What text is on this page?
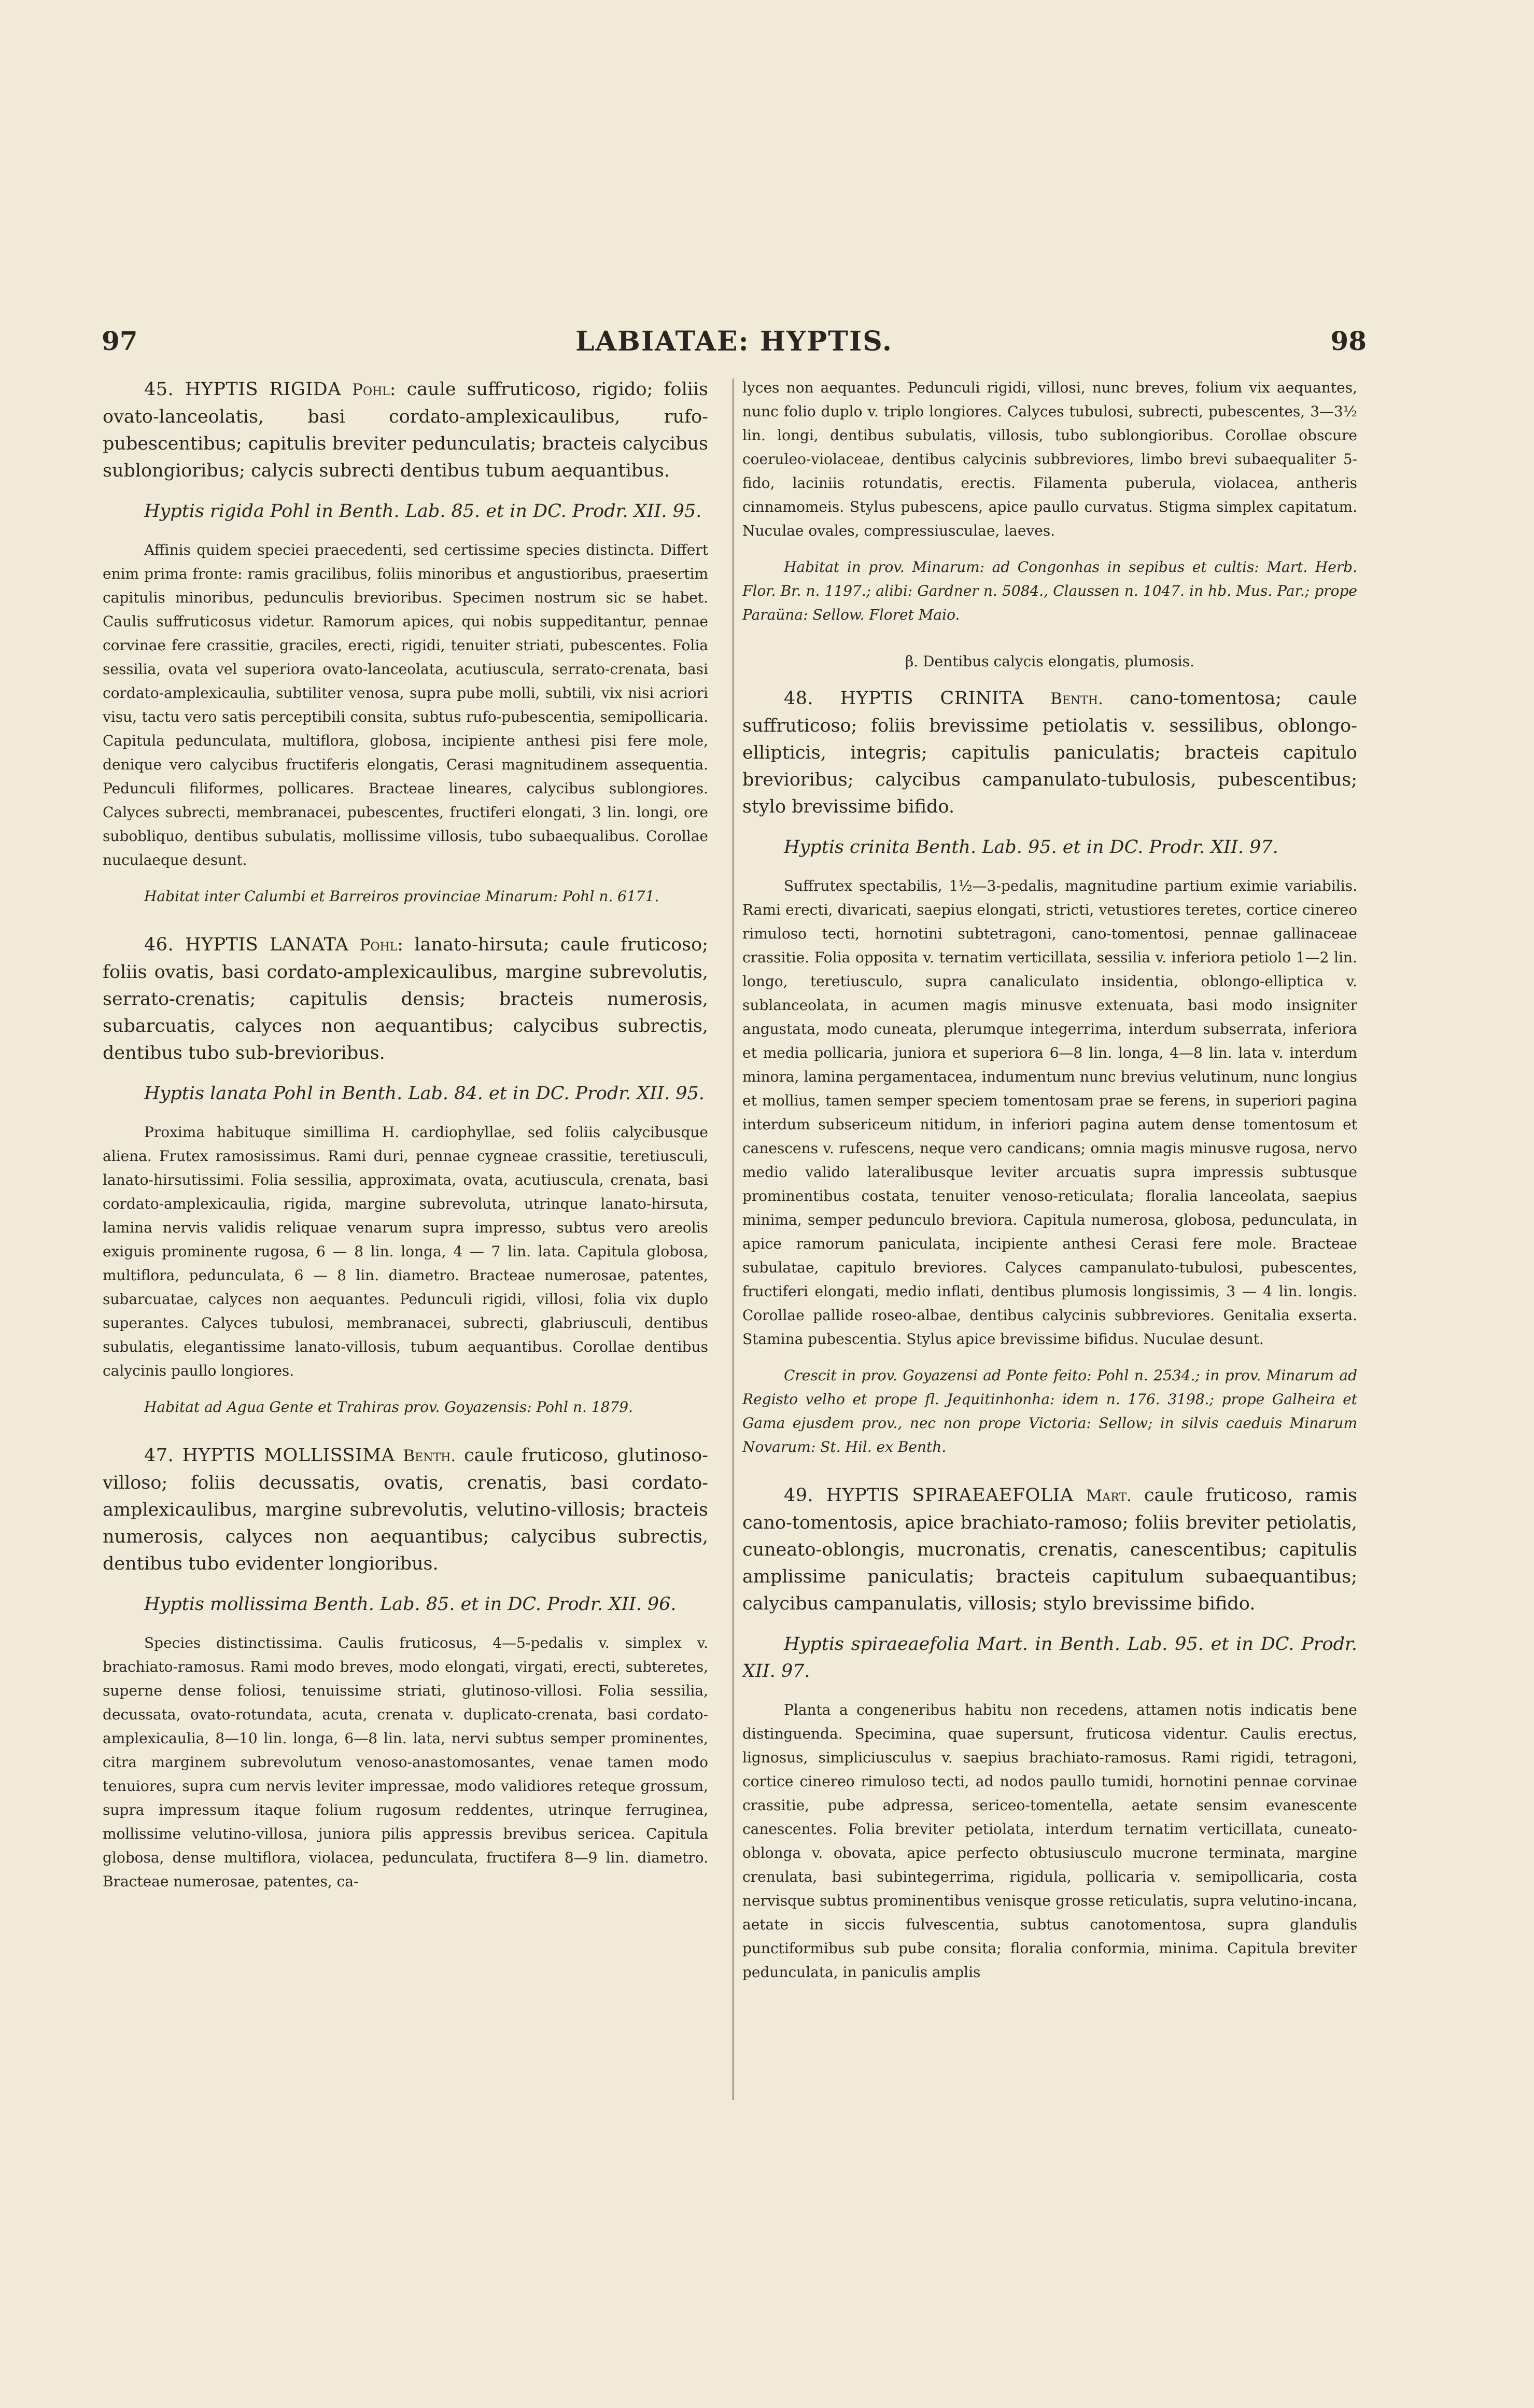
97	LABIATAE: HYPTIS.	98

45. HYPTIS RIGIDA Pohl: caule suffruticoso, rigido; foliis ovato-lanceolatis, basi cordato-amplexicaulibus, rufo-pubescentibus; capitulis breviter pedunculatis; bracteis calycibus sublongioribus; calycis subrecti dentibus tubum aequantibus.

Hyptis rigida Pohl in Benth. Lab. 85. et in DC. Prodr. XII. 95.

Affinis quidem speciei praecedenti, sed certissime species distincta. Differt enim prima fronte: ramis gracilibus, foliis minoribus et angustioribus, praesertim capitulis minoribus, pedunculis brevioribus. Specimen nostrum sic se habet. Caulis suffruticosus videtur. Ramorum apices, qui nobis suppeditantur, pennae corvinae fere crassitie, graciles, erecti, rigidi, tenuiter striati, pubescentes. Folia sessilia, ovata vel superiora ovato-lanceolata, acutiuscula, serrato-crenata, basi cordato-amplexicaulia, subtiliter venosa, supra pube molli, subtili, vix nisi acriori visu, tactu vero satis perceptibili consita, subtus rufo-pubescentia, semipollicaria. Capitula pedunculata, multiflora, globosa, incipiente anthesi pisi fere mole, denique vero calycibus fructiferis elongatis, Cerasi magnitudinem assequentia. Pedunculi filiformes, pollicares. Bracteae lineares, calycibus sublongiores. Calyces subrecti, membranacei, pubescentes, fructiferi elongati, 3 lin. longi, ore subobliquo, dentibus subulatis, mollissime villosis, tubo subaequalibus. Corollae nuculaeque desunt.

Habitat inter Calumbi et Barreiros provinciae Minarum: Pohl n. 6171.

46. HYPTIS LANATA Pohl: lanato-hirsuta; caule fruticoso; foliis ovatis, basi cordato-amplexicaulibus, margine subrevolutis, serrato-crenatis; capitulis densis; bracteis numerosis, subarcuatis, calyces non aequantibus; calycibus subrectis, dentibus tubo sub-brevioribus.

Hyptis lanata Pohl in Benth. Lab. 84. et in DC. Prodr. XII. 95.

Proxima habituque simillima H. cardiophyllae, sed foliis calycibusque aliena. Frutex ramosissimus. Rami duri, pennae cygneae crassitie, teretiusculi, lanato-hirsutissimi. Folia sessilia, approximata, ovata, acutiuscula, crenata, basi cordato-amplexicaulia, rigida, margine subrevoluta, utrinque lanato-hirsuta, lamina nervis validis reliquae venarum supra impresso, subtus vero areolis exiguis prominente rugosa, 6 — 8 lin. longa, 4 — 7 lin. lata. Capitula globosa, multiflora, pedunculata, 6 — 8 lin. diametro. Bracteae numerosae, patentes, subarcuatae, calyces non aequantes. Pedunculi rigidi, villosi, folia vix duplo superantes. Calyces tubulosi, membranacei, subrecti, glabriusculi, dentibus subulatis, elegantissime lanato-villosis, tubum aequantibus. Corollae dentibus calycinis paullo longiores.

Habitat ad Agua Gente et Trahiras prov. Goyazensis: Pohl n. 1879.

47. HYPTIS MOLLISSIMA Benth. caule fruticoso, glutinoso-villoso; foliis decussatis, ovatis, crenatis, basi cordato-amplexicaulibus, margine subrevolutis, velutino-villosis; bracteis numerosis, calyces non aequantibus; calycibus subrectis, dentibus tubo evidenter longioribus.

Hyptis mollissima Benth. Lab. 85. et in DC. Prodr. XII. 96.

Species distinctissima. Caulis fruticosus, 4—5-pedalis v. simplex v. brachiato-ramosus. Rami modo breves, modo elongati, virgati, erecti, subteretes, superne dense foliosi, tenuissime striati, glutinoso-villosi. Folia sessilia, decussata, ovato-rotundata, acuta, crenata v. duplicato-crenata, basi cordato-amplexicaulia, 8—10 lin. longa, 6—8 lin. lata, nervi subtus semper prominentes, citra marginem subrevolutum venoso-anastomosantes, venae tamen modo tenuiores, supra cum nervis leviter impressae, modo validiores reteque grossum, supra impressum itaque folium rugosum reddentes, utrinque ferruginea, mollissime velutino-villosa, juniora pilis appressis brevibus sericea. Capitula globosa, dense multiflora, violacea, pedunculata, fructifera 8—9 lin. diametro. Bracteae numerosae, patentes, ca-

lyces non aequantes. Pedunculi rigidi, villosi, nunc breves, folium vix aequantes, nunc folio duplo v. triplo longiores. Calyces tubulosi, subrecti, pubescentes, 3—3½ lin. longi, dentibus subulatis, villosis, tubo sublongioribus. Corollae obscure coeruleo-violaceae, dentibus calycinis subbreviores, limbo brevi subaequaliter 5-fido, laciniis rotundatis, erectis. Filamenta puberula, violacea, antheris cinnamomeis. Stylus pubescens, apice paullo curvatus. Stigma simplex capitatum. Nuculae ovales, compressiusculae, laeves.

Habitat in prov. Minarum: ad Congonhas in sepibus et cultis: Mart. Herb. Flor. Br. n. 1197.; alibi: Gardner n. 5084., Claussen n. 1047. in hb. Mus. Par.; prope Paraüna: Sellow. Floret Maio.

β. Dentibus calycis elongatis, plumosis.

48. HYPTIS CRINITA Benth. cano-tomentosa; caule suffruticoso; foliis brevissime petiolatis v. sessilibus, oblongo-ellipticis, integris; capitulis paniculatis; bracteis capitulo brevioribus; calycibus campanulato-tubulosis, pubescentibus; stylo brevissime bifido.

Hyptis crinita Benth. Lab. 95. et in DC. Prodr. XII. 97.

Suffrutex spectabilis, 1½—3-pedalis, magnitudine partium eximie variabilis. Rami erecti, divaricati, saepius elongati, stricti, vetustiores teretes, cortice cinereo rimuloso tecti, hornotini subtetragoni, cano-tomentosi, pennae gallinaceae crassitie. Folia opposita v. ternatim verticillata, sessilia v. inferiora petiolo 1—2 lin. longo, teretiusculo, supra canaliculato insidentia, oblongo-elliptica v. sublanceolata, in acumen magis minusve extenuata, basi modo insigniter angustata, modo cuneata, plerumque integerrima, interdum subserrata, inferiora et media pollicaria, juniora et superiora 6—8 lin. longa, 4—8 lin. lata v. interdum minora, lamina pergamentacea, indumentum nunc brevius velutinum, nunc longius et mollius, tamen semper speciem tomentosam prae se ferens, in superiori pagina interdum subsericeum nitidum, in inferiori pagina autem dense tomentosum et canescens v. rufescens, neque vero candicans; omnia magis minusve rugosa, nervo medio valido lateralibusque leviter arcuatis supra impressis subtusque prominentibus costata, tenuiter venoso-reticulata; floralia lanceolata, saepius minima, semper pedunculo breviora. Capitula numerosa, globosa, pedunculata, in apice ramorum paniculata, incipiente anthesi Cerasi fere mole. Bracteae subulatae, capitulo breviores. Calyces campanulato-tubulosi, pubescentes, fructiferi elongati, medio inflati, dentibus plumosis longissimis, 3 — 4 lin. longis. Corollae pallide roseo-albae, dentibus calycinis subbreviores. Genitalia exserta. Stamina pubescentia. Stylus apice brevissime bifidus. Nuculae desunt.

Crescit in prov. Goyazensi ad Ponte feito: Pohl n. 2534.; in prov. Minarum ad Registo velho et prope fl. Jequitinhonha: idem n. 176. 3198.; prope Galheira et Gama ejusdem prov., nec non prope Victoria: Sellow; in silvis caeduis Minarum Novarum: St. Hil. ex Benth.

49. HYPTIS SPIRAEAEFOLIA Mart. caule fruticoso, ramis cano-tomentosis, apice brachiato-ramoso; foliis breviter petiolatis, cuneato-oblongis, mucronatis, crenatis, canescentibus; capitulis amplissime paniculatis; bracteis capitulum subaequantibus; calycibus campanulatis, villosis; stylo brevissime bifido.

Hyptis spiraeaefolia Mart. in Benth. Lab. 95. et in DC. Prodr. XII. 97.

Planta a congeneribus habitu non recedens, attamen notis indicatis bene distinguenda. Specimina, quae supersunt, fruticosa videntur. Caulis erectus, lignosus, simpliciusculus v. saepius brachiato-ramosus. Rami rigidi, tetragoni, cortice cinereo rimuloso tecti, ad nodos paullo tumidi, hornotini pennae corvinae crassitie, pube adpressa, sericeo-tomentella, aetate sensim evanescente canescentes. Folia breviter petiolata, interdum ternatim verticillata, cuneato-oblonga v. obovata, apice perfecto obtusiusculo mucrone terminata, margine crenulata, basi subintegerrima, rigidula, pollicaria v. semipollicaria, costa nervisque subtus prominentibus venisque grosse reticulatis, supra velutino-incana, aetate in siccis fulvescentia, subtus canotomentosa, supra glandulis punctiformibus sub pube consita; floralia conformia, minima. Capitula breviter pedunculata, in paniculis amplis
